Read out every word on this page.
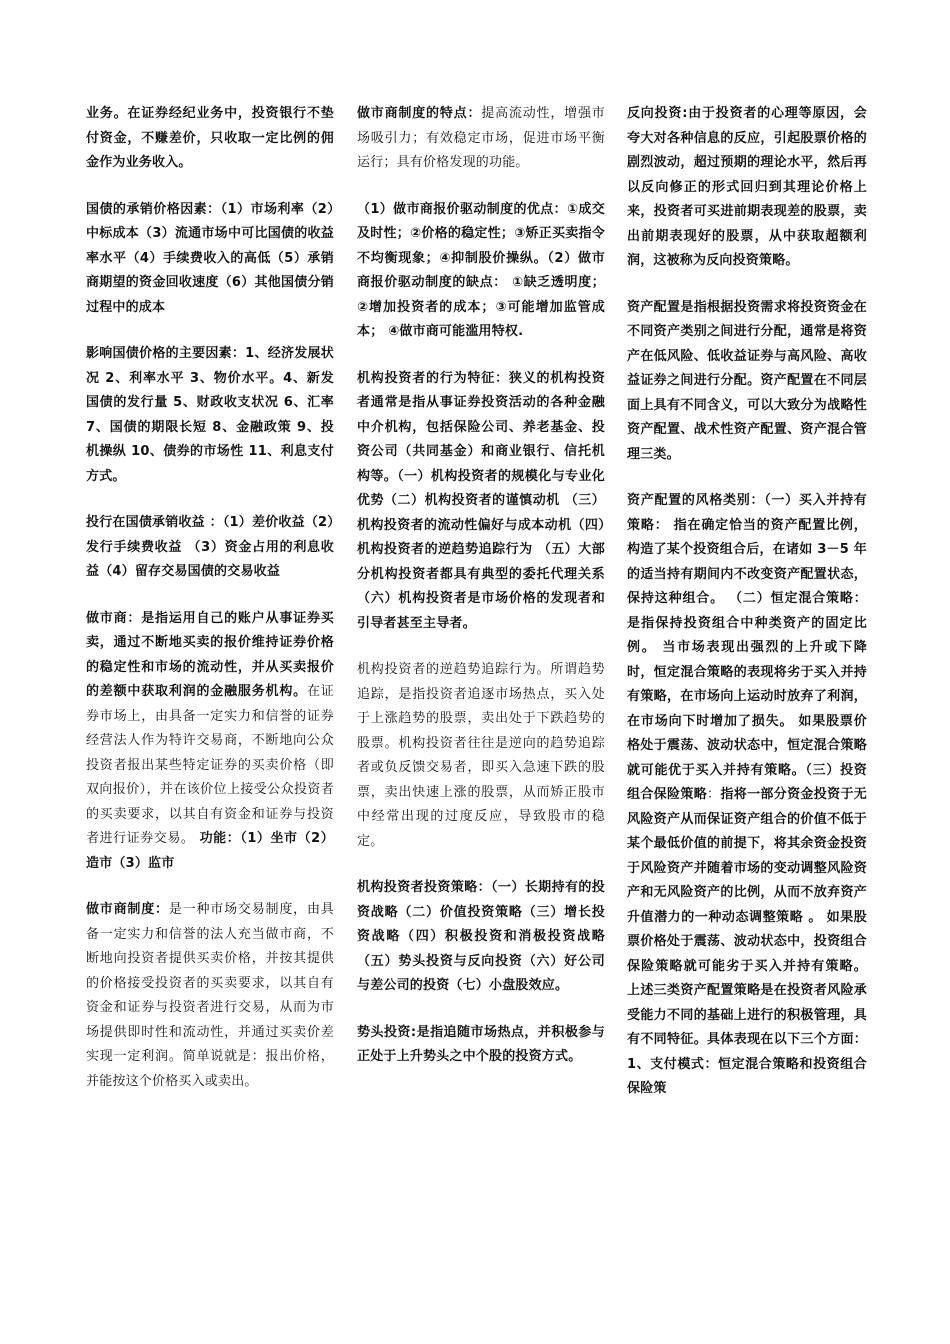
业务。在证券经纪业务中，投资银行不垫付资金，不赚差价，只收取一定比例的佣金作为业务收入。

国债的承销价格因素：（1）市场利率（2）中标成本（3）流通市场中可比国债的收益率水平（4）手续费收入的高低（5）承销商期望的资金回收速度（6）其他国债分销过程中的成本

影响国债价格的主要因素：1、经济发展状况 2、利率水平 3、物价水平。4、新发国债的发行量 5、财政收支状况 6、汇率 7、国债的期限长短 8、金融政策 9、投机操纵 10、债券的市场性 11、利息支付方式。

投行在国债承销收益 ：（1）差价收益（2）发行手续费收益 （3）资金占用的利息收益（4）留存交易国债的交易收益

做市商：是指运用自己的账户从事证券买卖，通过不断地买卖的报价维持证券价格的稳定性和市场的流动性，并从买卖报价的差额中获取利润的金融服务机构。在证券市场上，由具备一定实力和信誉的证券经营法人作为特许交易商，不断地向公众投资者报出某些特定证券的买卖价格（即双向报价），并在该价位上接受公众投资者的买卖要求，以其自有资金和证券与投资者进行证券交易。 功能：（1）坐市（2）造市（3）监市

做市商制度：是一种市场交易制度，由具备一定实力和信誉的法人充当做市商，不断地向投资者提供买卖价格，并按其提供的价格接受投资者的买卖要求，以其自有资金和证券与投资者进行交易，从而为市场提供即时性和流动性，并通过买卖价差实现一定利润。简单说就是：报出价格，并能按这个价格买入或卖出。

做市商制度的特点：提高流动性，增强市场吸引力；有效稳定市场，促进市场平衡运行；具有价格发现的功能。

（1）做市商报价驱动制度的优点：①成交及时性；②价格的稳定性；③矫正买卖指令不均衡现象；④抑制股价操纵。（2）做市商报价驱动制度的缺点： ①缺乏透明度；②增加投资者的成本；③可能增加监管成本； ④做市商可能滥用特权.

机构投资者的行为特征：狭义的机构投资者通常是指从事证券投资活动的各种金融中介机构，包括保险公司、养老基金、投资公司（共同基金）和商业银行、信托机构等。（一）机构投资者的规模化与专业化优势（二）机构投资者的谨慎动机 （三）机构投资者的流动性偏好与成本动机（四）机构投资者的逆趋势追踪行为 （五）大部分机构投资者都具有典型的委托代理关系 （六）机构投资者是市场价格的发现者和引导者甚至主导者。

机构投资者的逆趋势追踪行为。所谓趋势追踪，是指投资者追逐市场热点，买入处于上涨趋势的股票，卖出处于下跌趋势的股票。机构投资者往往是逆向的趋势追踪者或负反馈交易者，即买入急速下跌的股票，卖出快速上涨的股票，从而矫正股市中经常出现的过度反应，导致股市的稳定。

机构投资者投资策略：（一）长期持有的投资战略（二）价值投资策略（三）增长投资战略（四）积极投资和消极投资战略（五）势头投资与反向投资（六）好公司与差公司的投资（七）小盘股效应。

势头投资:是指追随市场热点，并积极参与正处于上升势头之中个股的投资方式。

反向投资:由于投资者的心理等原因，会夸大对各种信息的反应，引起股票价格的剧烈波动，超过预期的理论水平，然后再以反向修正的形式回归到其理论价格上来，投资者可买进前期表现差的股票，卖出前期表现好的股票，从中获取超额利润，这被称为反向投资策略。

资产配置是指根据投资需求将投资资金在不同资产类别之间进行分配，通常是将资产在低风险、低收益证券与高风险、高收益证券之间进行分配。资产配置在不同层面上具有不同含义，可以大致分为战略性资产配置、战术性资产配置、资产混合管理三类。

资产配置的风格类别：（一）买入并持有策略： 指在确定恰当的资产配置比例，构造了某个投资组合后，在诸如 3－5 年的适当持有期间内不改变资产配置状态，保持这种组合。 （二）恒定混合策略：是指保持投资组合中种类资产的固定比例。 当市场表现出强烈的上升或下降时，恒定混合策略的表现将劣于买入并持有策略，在市场向上运动时放弃了利润，在市场向下时增加了损失。 如果股票价格处于震荡、波动状态中，恒定混合策略就可能优于买入并持有策略。（三）投资组合保险策略：指将一部分资金投资于无风险资产从而保证资产组合的价值不低于某个最低价值的前提下，将其余资金投资于风险资产并随着市场的变动调整风险资产和无风险资产的比例，从而不放弃资产升值潜力的一种动态调整策略 。 如果股票价格处于震荡、波动状态中，投资组合保险策略就可能劣于买入并持有策略。 上述三类资产配置策略是在投资者风险承受能力不同的基础上进行的积极管理，具有不同特征。具体表现在以下三个方面：1、支付模式：恒定混合策略和投资组合保险策
